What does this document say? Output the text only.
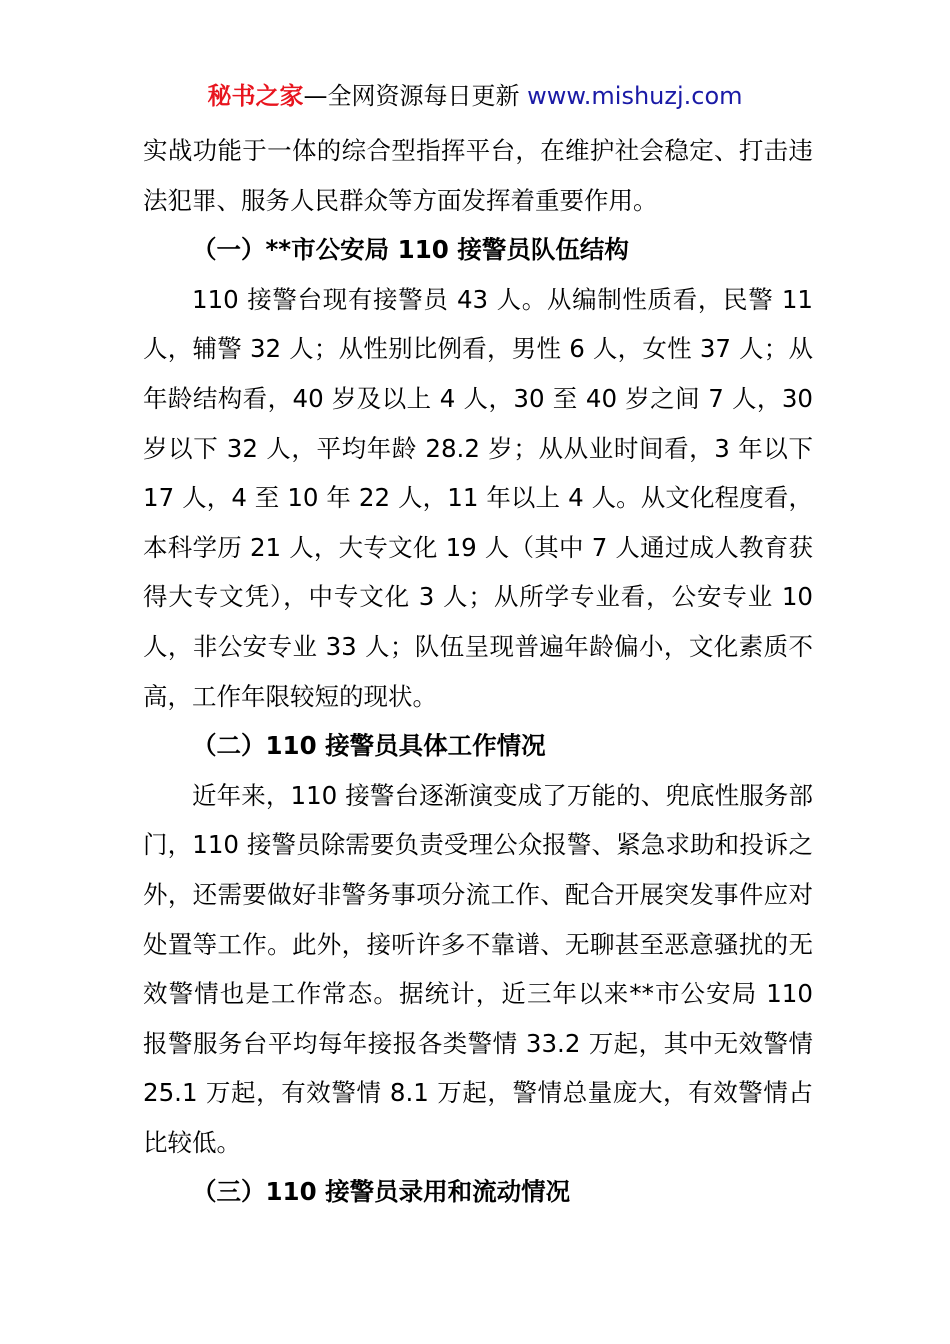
秘书之家—全网资源每日更新 www.mishuzj.com

实战功能于一体的综合型指挥平台，在维护社会稳定、打击违法犯罪、服务人民群众等方面发挥着重要作用。

（一）**市公安局 110 接警员队伍结构

110 接警台现有接警员 43 人。从编制性质看，民警 11 人，辅警 32 人；从性别比例看，男性 6 人，女性 37 人；从年龄结构看，40 岁及以上 4 人，30 至 40 岁之间 7 人，30 岁以下 32 人，平均年龄 28.2 岁；从从业时间看，3 年以下 17 人，4 至 10 年 22 人，11 年以上 4 人。从文化程度看，本科学历 21 人，大专文化 19 人（其中 7 人通过成人教育获得大专文凭），中专文化 3 人；从所学专业看，公安专业 10 人，非公安专业 33 人；队伍呈现普遍年龄偏小，文化素质不高，工作年限较短的现状。

（二）110 接警员具体工作情况

近年来，110 接警台逐渐演变成了万能的、兜底性服务部门，110 接警员除需要负责受理公众报警、紧急求助和投诉之外，还需要做好非警务事项分流工作、配合开展突发事件应对处置等工作。此外，接听许多不靠谱、无聊甚至恶意骚扰的无效警情也是工作常态。据统计，近三年以来**市公安局 110 报警服务台平均每年接报各类警情 33.2 万起，其中无效警情 25.1 万起，有效警情 8.1 万起，警情总量庞大，有效警情占比较低。

（三）110 接警员录用和流动情况
